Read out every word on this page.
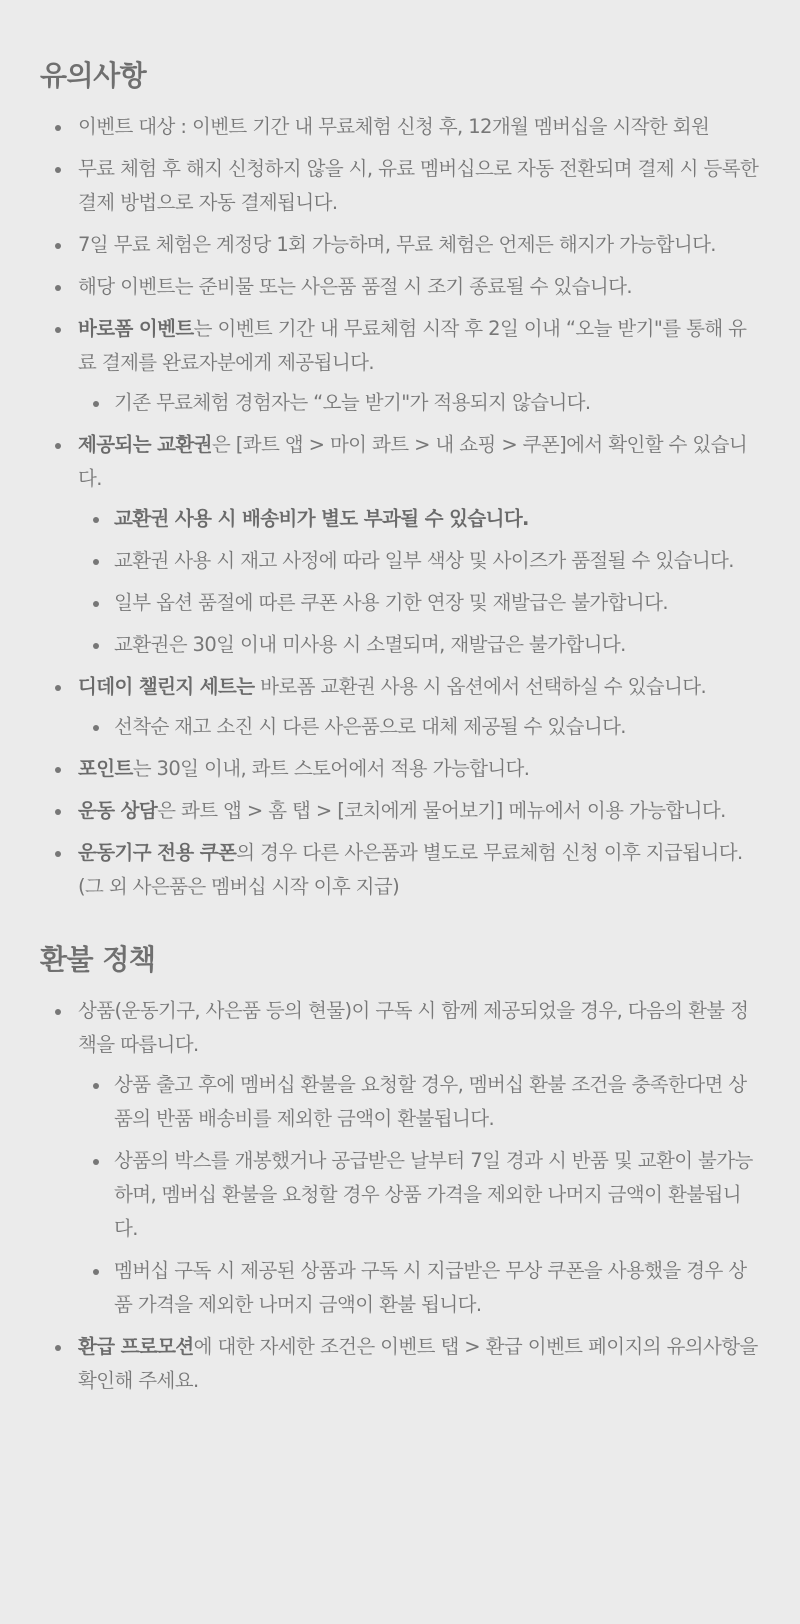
유의사항
이벤트 대상 : 이벤트 기간 내 무료체험 신청 후, 12개월 멤버십을 시작한 회원
무료 체험 후 해지 신청하지 않을 시, 유료 멤버십으로 자동 전환되며 결제 시 등록한 결제 방법으로 자동 결제됩니다.
7일 무료 체험은 계정당 1회 가능하며, 무료 체험은 언제든 해지가 가능합니다.
해당 이벤트는 준비물 또는 사은품 품절 시 조기 종료될 수 있습니다.
바로폼 이벤트는 이벤트 기간 내 무료체험 시작 후 2일 이내 “오늘 받기"를 통해 유료 결제를 완료자분에게 제공됩니다.
기존 무료체험 경험자는 “오늘 받기"가 적용되지 않습니다.
제공되는 교환권은 [콰트 앱 > 마이 콰트 > 내 쇼핑 > 쿠폰]에서 확인할 수 있습니다.
교환권 사용 시 배송비가 별도 부과될 수 있습니다.
교환권 사용 시 재고 사정에 따라 일부 색상 및 사이즈가 품절될 수 있습니다.
일부 옵션 품절에 따른 쿠폰 사용 기한 연장 및 재발급은 불가합니다.
교환권은 30일 이내 미사용 시 소멸되며, 재발급은 불가합니다.
디데이 챌린지 세트는 바로폼 교환권 사용 시 옵션에서 선택하실 수 있습니다.
선착순 재고 소진 시 다른 사은품으로 대체 제공될 수 있습니다.
포인트는 30일 이내, 콰트 스토어에서 적용 가능합니다.
운동 상담은 콰트 앱 > 홈 탭 > [코치에게 물어보기] 메뉴에서 이용 가능합니다.
운동기구 전용 쿠폰의 경우 다른 사은품과 별도로 무료체험 신청 이후 지급됩니다. (그 외 사은품은 멤버십 시작 이후 지급)
환불 정책
상품(운동기구, 사은품 등의 현물)이 구독 시 함께 제공되었을 경우, 다음의 환불 정책을 따릅니다.
상품 출고 후에 멤버십 환불을 요청할 경우, 멤버십 환불 조건을 충족한다면 상품의 반품 배송비를 제외한 금액이 환불됩니다.
상품의 박스를 개봉했거나 공급받은 날부터 7일 경과 시 반품 및 교환이 불가능하며, 멤버십 환불을 요청할 경우 상품 가격을 제외한 나머지 금액이 환불됩니다.
멤버십 구독 시 제공된 상품과 구독 시 지급받은 무상 쿠폰을 사용했을 경우 상품 가격을 제외한 나머지 금액이 환불 됩니다.
환급 프로모션에 대한 자세한 조건은 이벤트 탭 > 환급 이벤트 페이지의 유의사항을 확인해 주세요.
